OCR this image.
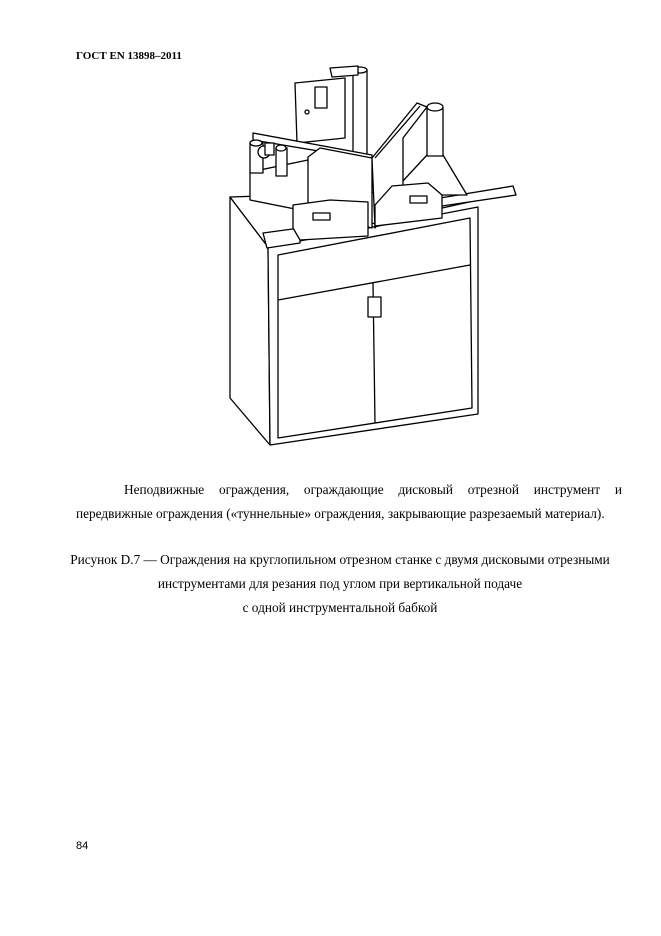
ГОСТ EN 13898–2011
Неподвижные ограждения, ограждающие дисковый отрезной инструмент и
передвижные ограждения («туннельные» ограждения, закрывающие разрезаемый материал).
Рисунок D.7 — Ограждения на круглопильном отрезном станке с двумя дисковыми отрезными
инструментами для резания под углом при вертикальной подаче
с одной инструментальной бабкой
84
